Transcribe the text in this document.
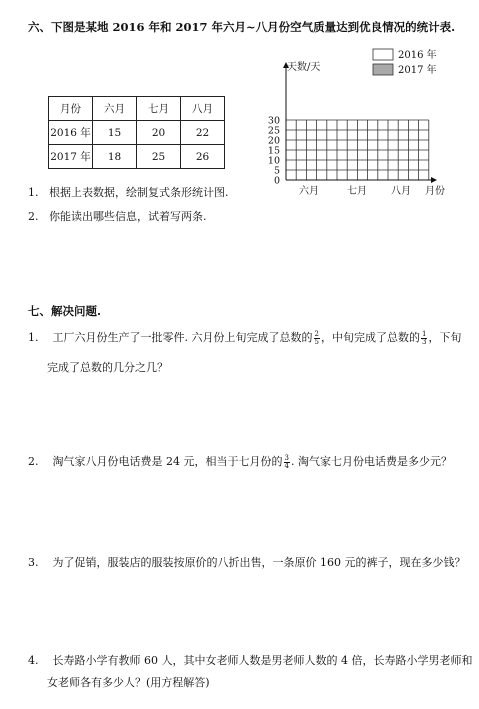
六、下图是某地 2016 年和 2017 年六月~八月份空气质量达到优良情况的统计表.
月份	六月	七月	八月
2016 年	15	20	22
2017 年	18	25	26
0
5
10
15
20
25
30
天数/天
月份
六月	七月 八月
2016 年
2017 年
1. 根据上表数据，绘制复式条形统计图.
2. 你能读出哪些信息，试着写两条.
七、解决问题.
1. 工厂六月份生产了一批零件. 六月份上旬完成了总数的 $\frac{2}{5}$ ，中旬完成了总数的 $\frac{1}{3}$ ，下旬
完成了总数的几分之几？
2. 淘气家八月份电话费是 24 元，相当于七月份的 $\frac{3}{4}$ . 淘气家七月份电话费是多少元？
3. 为了促销，服装店的服装按原价的八折出售，一条原价 160 元的裤子，现在多少钱？
4. 长寿路小学有教师 60 人，其中女老师人数是男老师人数的 4 倍，长寿路小学男老师和
女老师各有多少人？(用方程解答)
